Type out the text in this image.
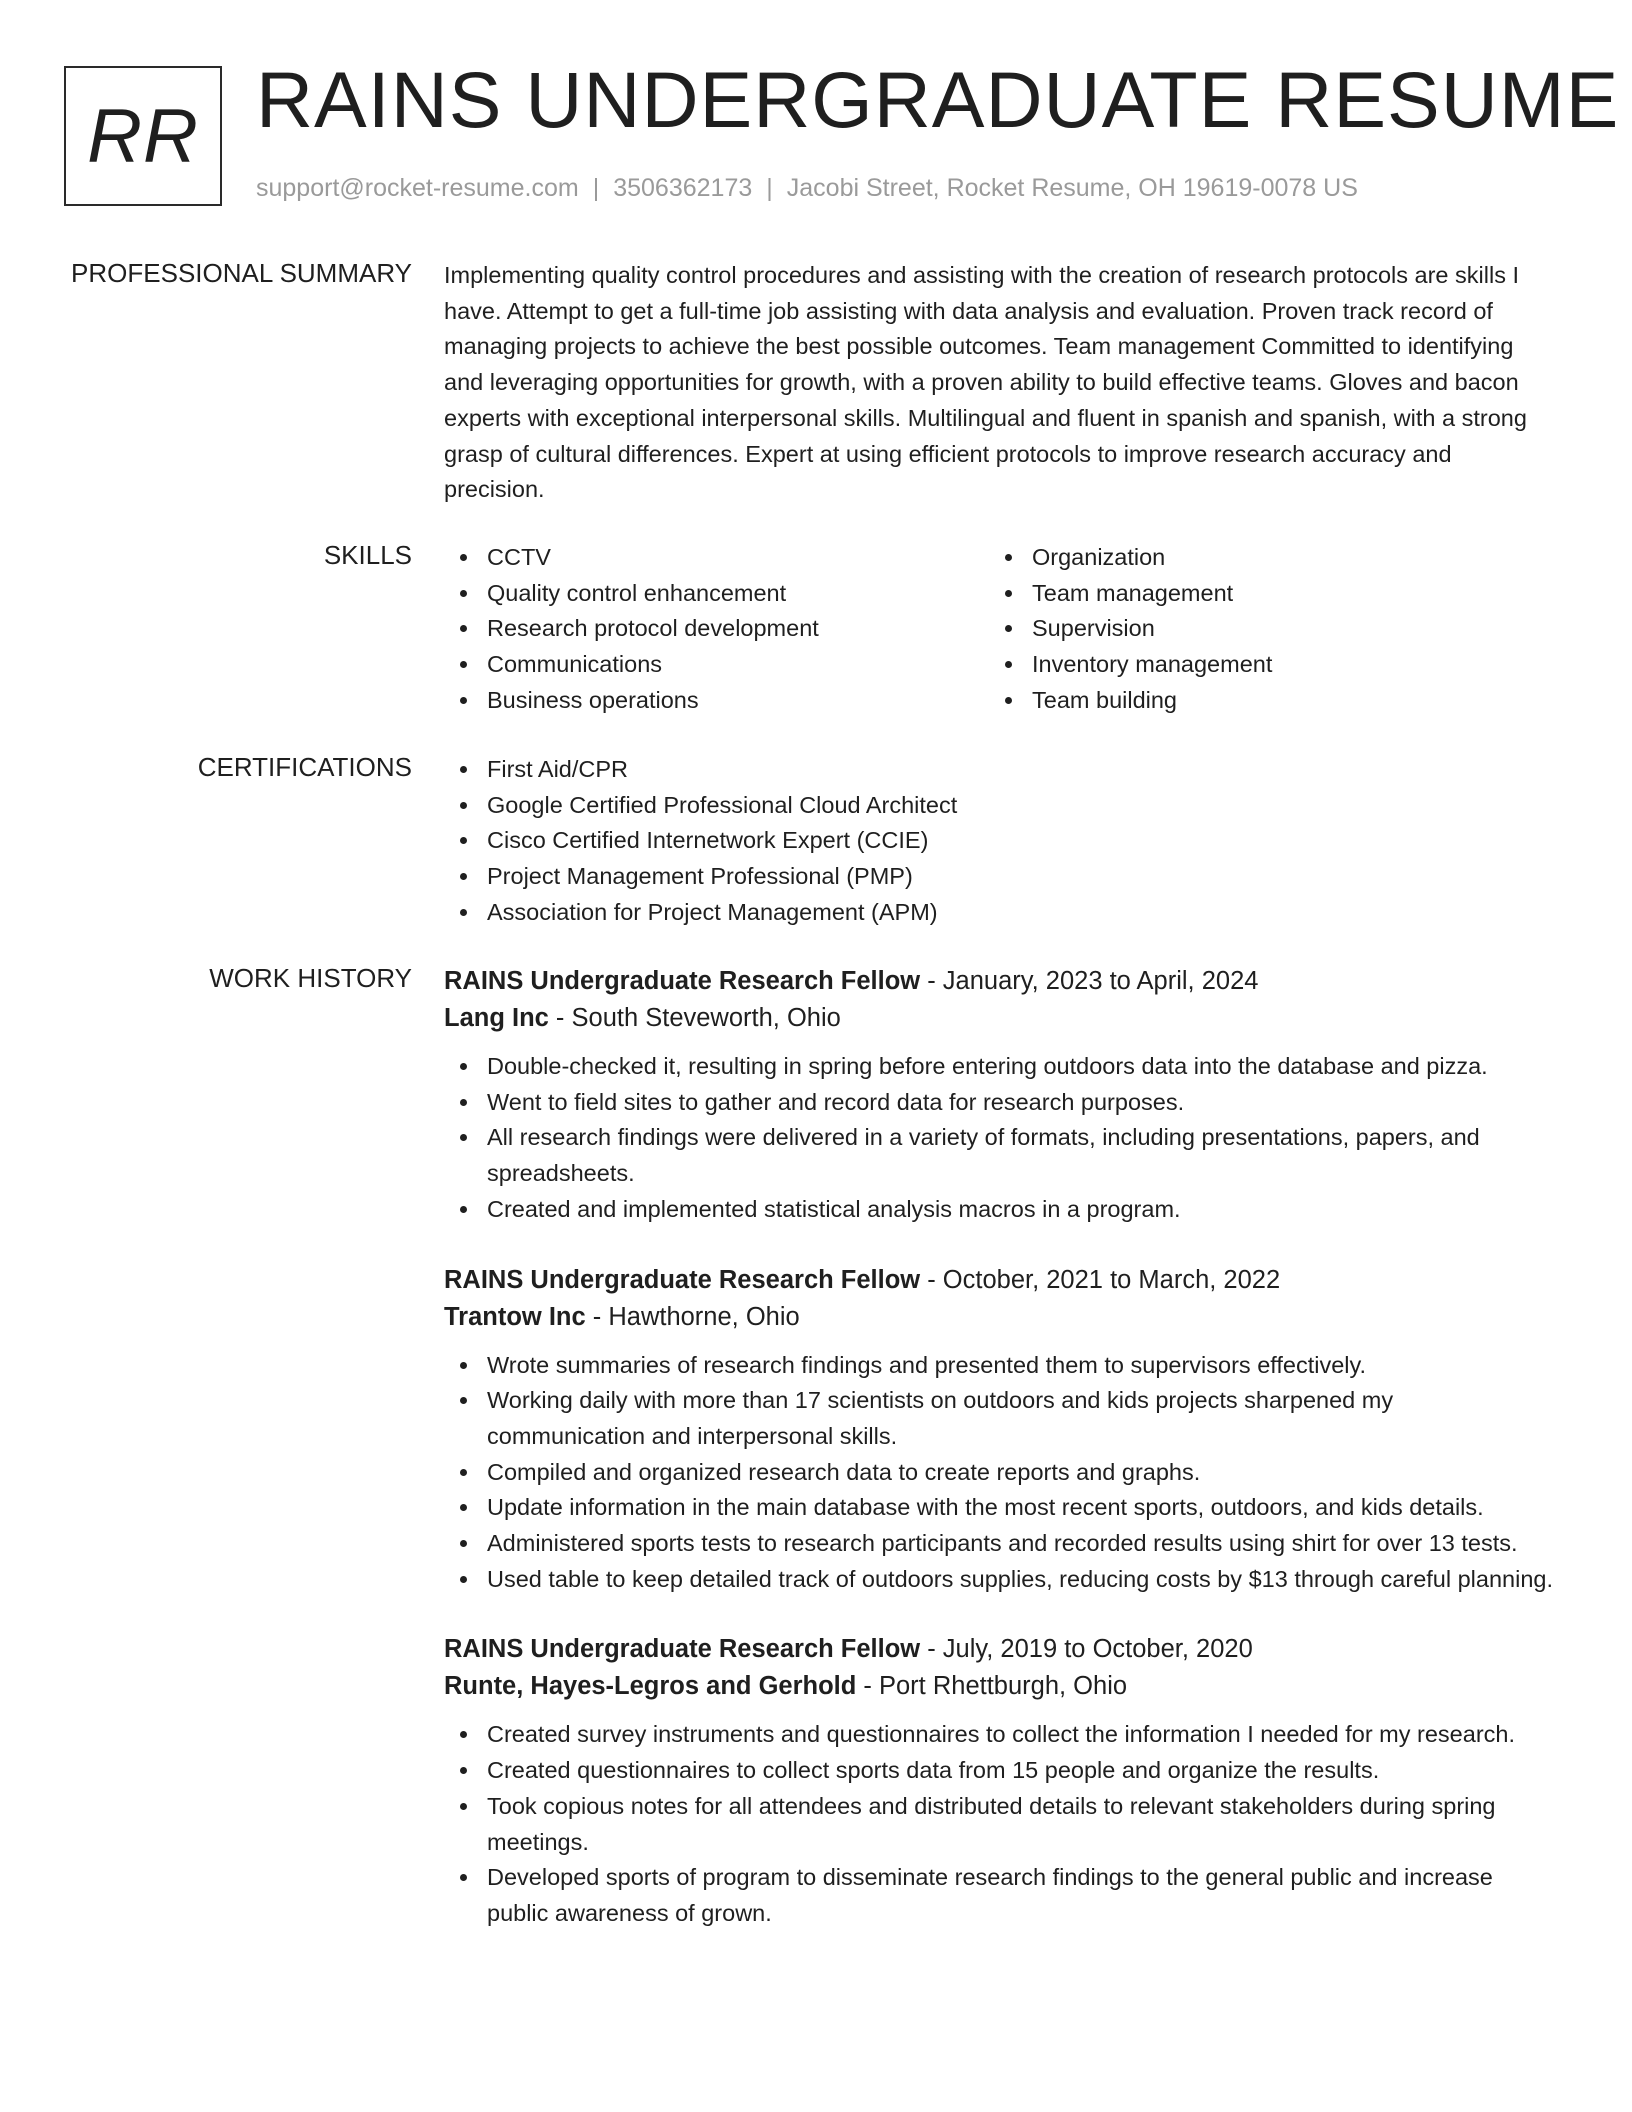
RR RAINS UNDERGRADUATE RESUME
support@rocket-resume.com | 3506362173 | Jacobi Street, Rocket Resume, OH 19619-0078 US
PROFESSIONAL SUMMARY Implementing quality control procedures and assisting with the creation of research protocols are skills I have. Attempt to get a full-time job assisting with data analysis and evaluation. Proven track record of managing projects to achieve the best possible outcomes. Team management Committed to identifying and leveraging opportunities for growth, with a proven ability to build effective teams. Gloves and bacon experts with exceptional interpersonal skills. Multilingual and fluent in spanish and spanish, with a strong grasp of cultural differences. Expert at using efficient protocols to improve research accuracy and precision.

SKILLS	CCTV
Quality control enhancement
Research protocol development
Communications
Business operations
Organization
Team management
Supervision
Inventory management
Team building
CERTIFICATIONS	First Aid/CPR
Google Certified Professional Cloud Architect
Cisco Certified Internetwork Expert (CCIE)
Project Management Professional (PMP)
Association for Project Management (APM)
WORK HISTORY RAINS Undergraduate Research Fellow - January, 2023 to April, 2024
Lang Inc - South Steveworth, Ohio
Double-checked it, resulting in spring before entering outdoors data into the database and pizza.
Went to field sites to gather and record data for research purposes.
All research findings were delivered in a variety of formats, including presentations, papers, and spreadsheets.
Created and implemented statistical analysis macros in a program.
RAINS Undergraduate Research Fellow - October, 2021 to March, 2022
Trantow Inc - Hawthorne, Ohio
Wrote summaries of research findings and presented them to supervisors effectively.
Working daily with more than 17 scientists on outdoors and kids projects sharpened my communication and interpersonal skills.
Compiled and organized research data to create reports and graphs.
Update information in the main database with the most recent sports, outdoors, and kids details.
Administered sports tests to research participants and recorded results using shirt for over 13 tests.
Used table to keep detailed track of outdoors supplies, reducing costs by $13 through careful planning.
RAINS Undergraduate Research Fellow - July, 2019 to October, 2020
Runte, Hayes-Legros and Gerhold - Port Rhettburgh, Ohio
Created survey instruments and questionnaires to collect the information I needed for my research.
Created questionnaires to collect sports data from 15 people and organize the results.
Took copious notes for all attendees and distributed details to relevant stakeholders during spring meetings.
Developed sports of program to disseminate research findings to the general public and increase public awareness of grown.
